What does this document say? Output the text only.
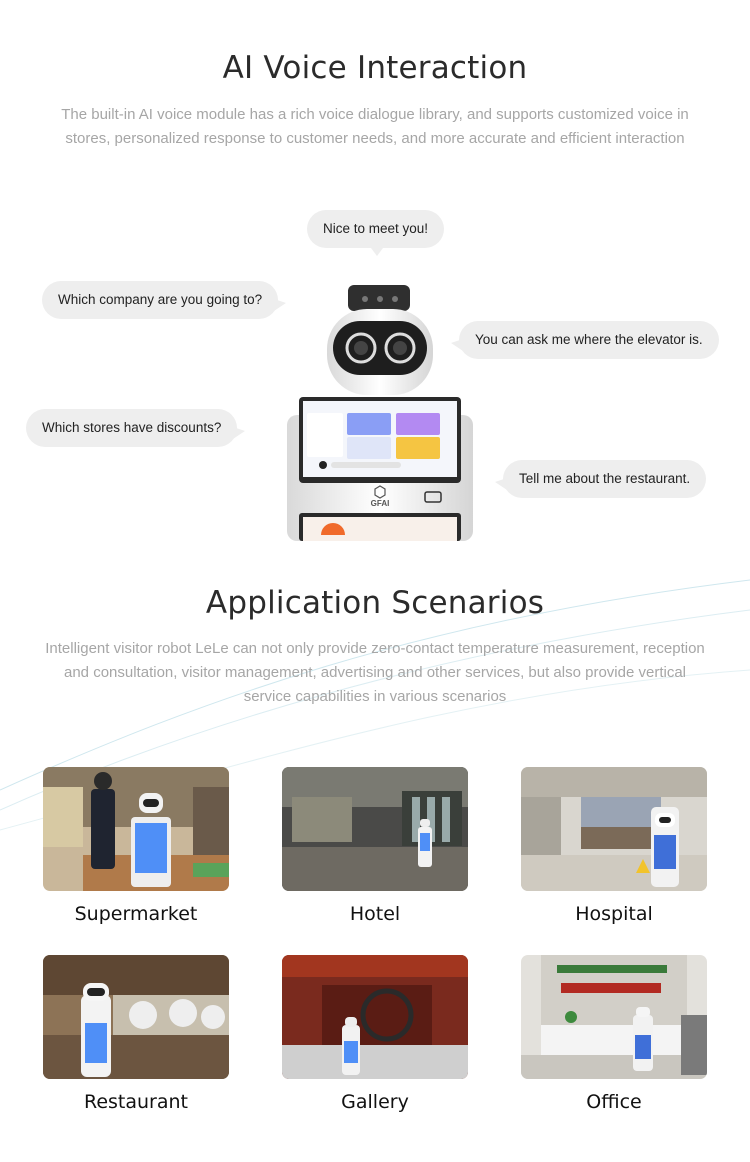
AI Voice Interaction
The built-in AI voice module has a rich voice dialogue library, and supports customized voice in stores, personalized response to customer needs, and more accurate and efficient interaction
Nice to meet you!
Which company are you going to?
You can ask me where the elevator is.
Which stores have discounts?
Tell me about the restaurant.
GFAI
Application Scenarios
Intelligent visitor robot LeLe can not only provide zero-contact temperature measurement, reception and consultation, visitor management, advertising and other services, but also provide vertical service capabilities in various scenarios
Supermarket	Hotel	Hospital
Restaurant	Gallery	Office
